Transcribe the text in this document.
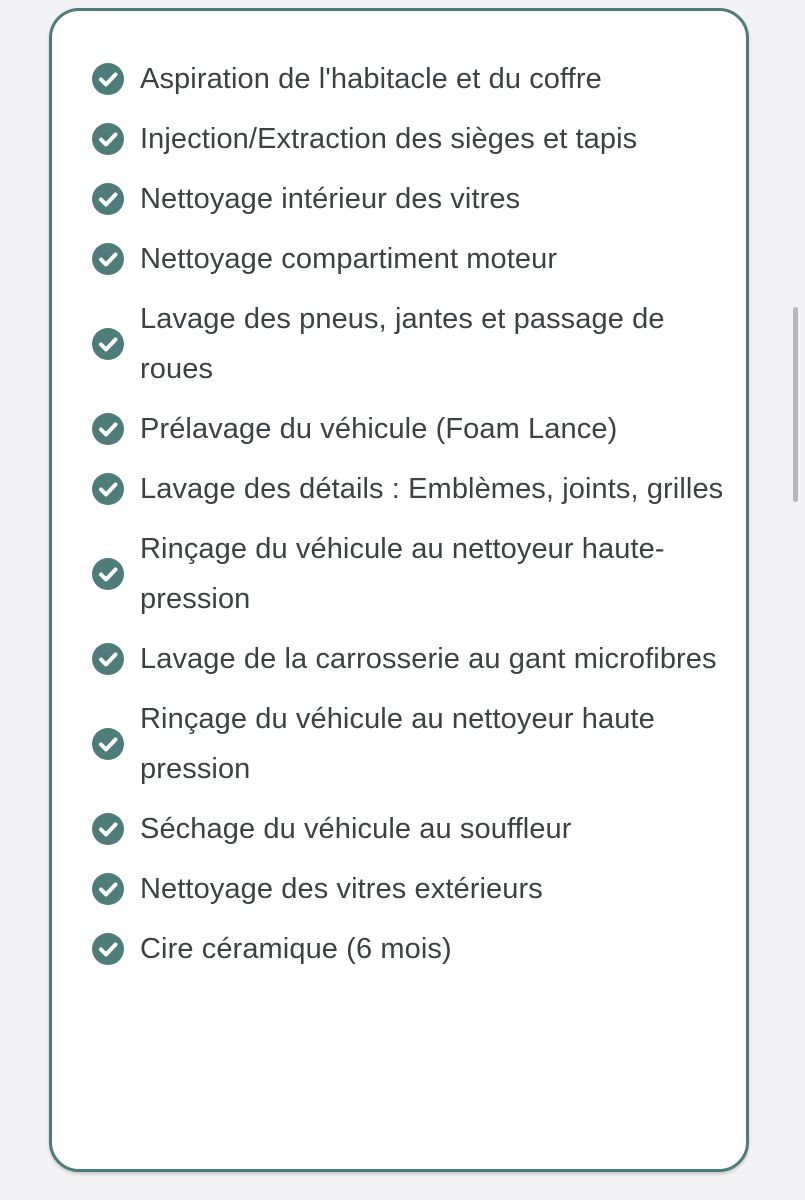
Aspiration de l'habitacle et du coffre
Injection/Extraction des sièges et tapis
Nettoyage intérieur des vitres
Nettoyage compartiment moteur
Lavage des pneus, jantes et passage de roues
Prélavage du véhicule (Foam Lance)
Lavage des détails : Emblèmes, joints, grilles
Rinçage du véhicule au nettoyeur haute-pression
Lavage de la carrosserie au gant microfibres
Rinçage du véhicule au nettoyeur haute pression
Séchage du véhicule au souffleur
Nettoyage des vitres extérieurs
Cire céramique (6 mois)
